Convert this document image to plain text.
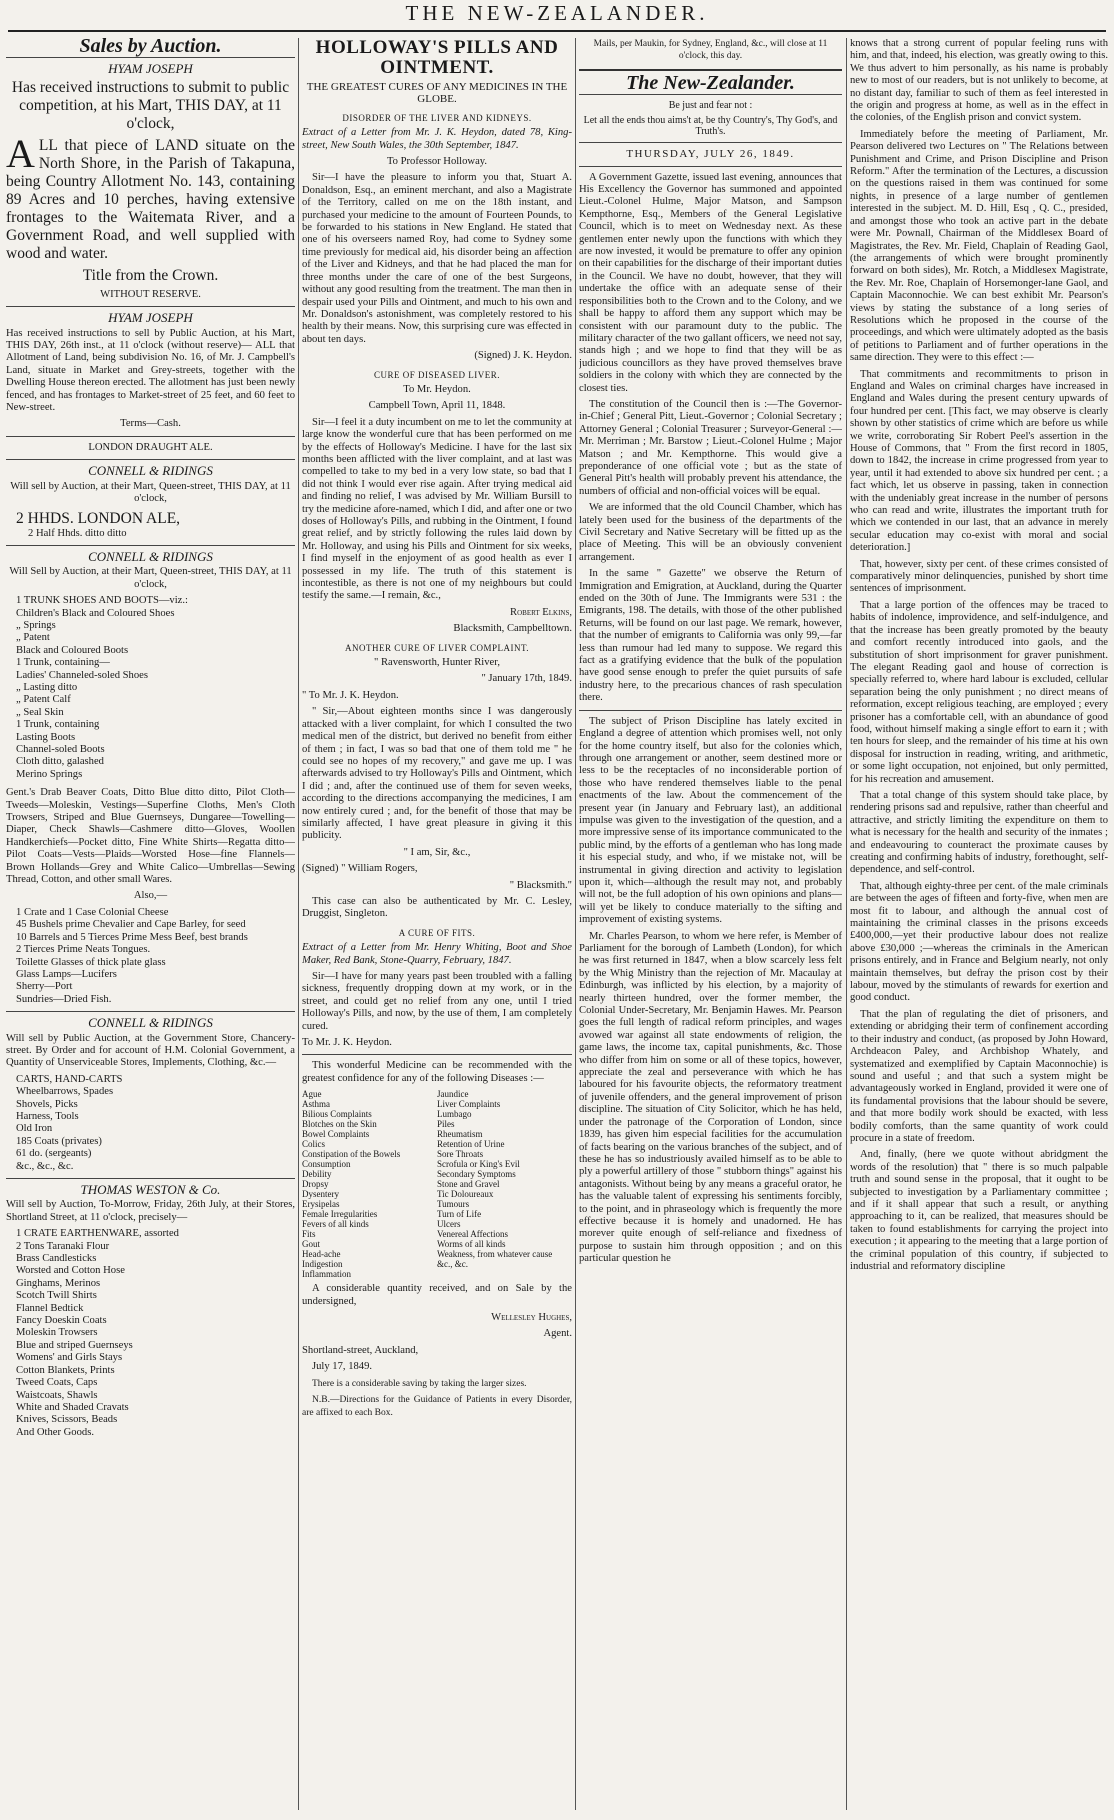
THE NEW-ZEALANDER.
Sales by Auction.
HYAM JOSEPH

Has received instructions to submit to public competition, at his Mart, THIS DAY, at 11 o'clock,

ALL that piece of LAND situate on the North Shore, in the Parish of Takapuna, being Country Allotment No. 143, containing 89 Acres and 10 perches, having extensive frontages to the Waitemata River, and a Government Road, and well supplied with wood and water.

Title from the Crown.

WITHOUT RESERVE.

HYAM JOSEPH

Has received instructions to sell by Public Auction, at his Mart, THIS DAY, 26th inst., at 11 o'clock (without reserve)— ALL that Allotment of Land, being subdivision No. 16, of Mr. J. Campbell's Land, situate in Market and Grey-streets, together with the Dwelling House thereon erected. The allotment has just been newly fenced, and has frontages to Market-street of 25 feet, and 60 feet to New-street.

Terms—Cash.

LONDON DRAUGHT ALE.

CONNELL & RIDINGS

Will sell by Auction, at their Mart, Queen-street, THIS DAY, at 11 o'clock,

2 HHDS. LONDON ALE,
2 Half Hhds. ditto ditto
CONNELL & RIDINGS

Will Sell by Auction, at their Mart, Queen-street, THIS DAY, at 11 o'clock,

1 TRUNK SHOES AND BOOTS—viz.:
Children's Black and Coloured Shoes
„ Springs
„ Patent
Black and Coloured Boots
1 Trunk, containing—
Ladies' Channeled-soled Shoes
„ Lasting ditto
„ Patent Calf
„ Seal Skin
1 Trunk, containing
Lasting Boots
Channel-soled Boots
Cloth ditto, galashed
Merino Springs

Gent.'s Drab Beaver Coats, Ditto Blue ditto ditto, Pilot Cloth—Tweeds—Moleskin, Vestings—Superfine Cloths, Men's Cloth Trowsers, Striped and Blue Guernseys, Dungaree—Towelling—Diaper, Check Shawls—Cashmere ditto—Gloves, Woollen Handkerchiefs—Pocket ditto, Fine White Shirts—Regatta ditto—Pilot Coats—Vests—Plaids—Worsted Hose—fine Flannels—Brown Hollands—Grey and White Calico—Umbrellas—Sewing Thread, Cotton, and other small Wares.

Also,—

1 Crate and 1 Case Colonial Cheese
45 Bushels prime Chevalier and Cape Barley, for seed
10 Barrels and 5 Tierces Prime Mess Beef, best brands
2 Tierces Prime Neats Tongues.
Toilette Glasses of thick plate glass
Glass Lamps—Lucifers
Sherry—Port
Sundries—Dried Fish.
CONNELL & RIDINGS

Will sell by Public Auction, at the Government Store, Chancery-street. By Order and for account of H.M. Colonial Government, a Quantity of Unserviceable Stores, Implements, Clothing, &c.—

CARTS, HAND-CARTS
Wheelbarrows, Spades
Shovels, Picks
Harness, Tools
Old Iron
185 Coats (privates)
61 do. (sergeants)
&c., &c., &c.
THOMAS WESTON & Co.

Will sell by Auction, To-Morrow, Friday, 26th July, at their Stores, Shortland Street, at 11 o'clock, precisely—

1 CRATE EARTHENWARE, assorted
2 Tons Taranaki Flour
Brass Candlesticks
Worsted and Cotton Hose
Ginghams, Merinos
Scotch Twill Shirts
Flannel Bedtick
Fancy Doeskin Coats
Moleskin Trowsers
Blue and striped Guernseys
Womens' and Girls Stays
Cotton Blankets, Prints
Tweed Coats, Caps
Waistcoats, Shawls
White and Shaded Cravats
Knives, Scissors, Beads
And Other Goods.
HOLLOWAY'S PILLS AND OINTMENT.

THE GREATEST CURES OF ANY MEDICINES IN THE GLOBE.

DISORDER OF THE LIVER AND KIDNEYS.

Extract of a Letter from Mr. J. K. Heydon, dated 78, King-street, New South Wales, the 30th September, 1847.

To Professor Holloway.

Sir—I have the pleasure to inform you that, Stuart A. Donaldson, Esq., an eminent merchant, and also a Magistrate of the Territory, called on me on the 18th instant, and purchased your medicine to the amount of Fourteen Pounds, to be forwarded to his stations in New England. He stated that one of his overseers named Roy, had come to Sydney some time previously for medical aid, his disorder being an affection of the Liver and Kidneys, and that he had placed the man for three months under the care of one of the best Surgeons, without any good resulting from the treatment. The man then in despair used your Pills and Ointment, and much to his own and Mr. Donaldson's astonishment, was completely restored to his health by their means. Now, this surprising cure was effected in about ten days.

(Signed) J. K. Heydon.

CURE OF DISEASED LIVER.

To Mr. Heydon.

Campbell Town, April 11, 1848.

Sir—I feel it a duty incumbent on me to let the community at large know the wonderful cure that has been performed on me by the effects of Holloway's Medicine. I have for the last six months been afflicted with the liver complaint, and at last was compelled to take to my bed in a very low state, so bad that I did not think I would ever rise again. After trying medical aid and finding no relief, I was advised by Mr. William Bursill to try the medicine afore-named, which I did, and after one or two doses of Holloway's Pills, and rubbing in the Ointment, I found great relief, and by strictly following the rules laid down by Mr. Holloway, and using his Pills and Ointment for six weeks, I find myself in the enjoyment of as good health as ever I possessed in my life. The truth of this statement is incontestible, as there is not one of my neighbours but could testify the same.—I remain, &c.,

Robert Elkins,

Blacksmith, Campbelltown.

ANOTHER CURE OF LIVER COMPLAINT.

" Ravensworth, Hunter River,

" January 17th, 1849.

" To Mr. J. K. Heydon.

" Sir,—About eighteen months since I was dangerously attacked with a liver complaint, for which I consulted the two medical men of the district, but derived no benefit from either of them ; in fact, I was so bad that one of them told me " he could see no hopes of my recovery," and gave me up. I was afterwards advised to try Holloway's Pills and Ointment, which I did ; and, after the continued use of them for seven weeks, according to the directions accompanying the medicines, I am now entirely cured ; and, for the benefit of those that may be similarly affected, I have great pleasure in giving it this publicity.

" I am, Sir, &c.,

(Signed) " William Rogers,

" Blacksmith."

This case can also be authenticated by Mr. C. Lesley, Druggist, Singleton.

A CURE OF FITS.

Extract of a Letter from Mr. Henry Whiting, Boot and Shoe Maker, Red Bank, Stone-Quarry, February, 1847.

Sir—I have for many years past been troubled with a falling sickness, frequently dropping down at my work, or in the street, and could get no relief from any one, until I tried Holloway's Pills, and now, by the use of them, I am completely cured.

To Mr. J. K. Heydon.

This wonderful Medicine can be recommended with the greatest confidence for any of the following Diseases :—

Ague	Jaundice
Asthma	Liver Complaints
Bilious Complaints	Lumbago
Blotches on the Skin	Piles
Bowel Complaints	Rheumatism
Colics	Retention of Urine
Constipation of the Bowels	Sore Throats
Consumption	Scrofula or King's Evil
Debility	Secondary Symptoms
Dropsy	Stone and Gravel
Dysentery	Tic Doloureaux
Erysipelas	Tumours
Female Irregularities	Turn of Life
Fevers of all kinds	Ulcers
Fits	Venereal Affections
Gout	Worms of all kinds
Head-ache	Weakness, from whatever cause
Indigestion	&c., &c.
Inflammation

A considerable quantity received, and on Sale by the undersigned,

Wellesley Hughes,

Agent.

Shortland-street, Auckland,

July 17, 1849.

There is a considerable saving by taking the larger sizes.

N.B.—Directions for the Guidance of Patients in every Disorder, are affixed to each Box.

Mails, per Maukin, for Sydney, England, &c., will close at 11 o'clock, this day.

The New-Zealander.

Be just and fear not :

Let all the ends thou aims't at, be thy Country's, Thy God's, and Truth's.

THURSDAY, JULY 26, 1849.

A Government Gazette, issued last evening, announces that His Excellency the Governor has summoned and appointed Lieut.-Colonel Hulme, Major Matson, and Sampson Kempthorne, Esq., Members of the General Legislative Council, which is to meet on Wednesday next. As these gentlemen enter newly upon the functions with which they are now invested, it would be premature to offer any opinion on their capabilities for the discharge of their important duties in the Council. We have no doubt, however, that they will undertake the office with an adequate sense of their responsibilities both to the Crown and to the Colony, and we shall be happy to afford them any support which may be consistent with our paramount duty to the public. The military character of the two gallant officers, we need not say, stands high ; and we hope to find that they will be as judicious councillors as they have proved themselves brave soldiers in the colony with which they are connected by the closest ties.

The constitution of the Council then is :—The Governor-in-Chief ; General Pitt, Lieut.-Governor ; Colonial Secretary ; Attorney General ; Colonial Treasurer ; Surveyor-General :—Mr. Merriman ; Mr. Barstow ; Lieut.-Colonel Hulme ; Major Matson ; and Mr. Kempthorne. This would give a preponderance of one official vote ; but as the state of General Pitt's health will probably prevent his attendance, the numbers of official and non-official voices will be equal.

We are informed that the old Council Chamber, which has lately been used for the business of the departments of the Civil Secretary and Native Secretary will be fitted up as the place of Meeting. This will be an obviously convenient arrangement.

In the same " Gazette" we observe the Return of Immigration and Emigration, at Auckland, during the Quarter ended on the 30th of June. The Immigrants were 531 : the Emigrants, 198. The details, with those of the other published Returns, will be found on our last page. We remark, however, that the number of emigrants to California was only 99,—far less than rumour had led many to suppose. We regard this fact as a gratifying evidence that the bulk of the population have good sense enough to prefer the quiet pursuits of safe industry here, to the precarious chances of rash speculation there.

The subject of Prison Discipline has lately excited in England a degree of attention which promises well, not only for the home country itself, but also for the colonies which, through one arrangement or another, seem destined more or less to be the receptacles of no inconsiderable portion of those who have rendered themselves liable to the penal enactments of the law. About the commencement of the present year (in January and February last), an additional impulse was given to the investigation of the question, and a more impressive sense of its importance communicated to the public mind, by the efforts of a gentleman who has long made it his especial study, and who, if we mistake not, will be instrumental in giving direction and activity to legislation upon it, which—although the result may not, and probably will not, be the full adoption of his own opinions and plans—will yet be likely to conduce materially to the sifting and improvement of existing systems.

Mr. Charles Pearson, to whom we here refer, is Member of Parliament for the borough of Lambeth (London), for which he was first returned in 1847, when a blow scarcely less felt by the Whig Ministry than the rejection of Mr. Macaulay at Edinburgh, was inflicted by his election, by a majority of nearly thirteen hundred, over the former member, the Colonial Under-Secretary, Mr. Benjamin Hawes. Mr. Pearson goes the full length of radical reform principles, and wages avowed war against all state endowments of religion, the game laws, the income tax, capital punishments, &c. Those who differ from him on some or all of these topics, however, appreciate the zeal and perseverance with which he has laboured for his favourite objects, the reformatory treatment of juvenile offenders, and the general improvement of prison discipline. The situation of City Solicitor, which he has held, under the patronage of the Corporation of London, since 1839, has given him especial facilities for the accumulation of facts bearing on the various branches of the subject, and of these he has so industriously availed himself as to be able to ply a powerful artillery of those " stubborn things" against his antagonists. Without being by any means a graceful orator, he has the valuable talent of expressing his sentiments forcibly, to the point, and in phraseology which is frequently the more effective because it is homely and unadorned. He has morever quite enough of self-reliance and fixedness of purpose to sustain him through opposition ; and on this particular question he

knows that a strong current of popular feeling runs with him, and that, indeed, his election, was greatly owing to this. We thus advert to him personally, as his name is probably new to most of our readers, but is not unlikely to become, at no distant day, familiar to such of them as feel interested in the origin and progress at home, as well as in the effect in the colonies, of the English prison and convict system.

Immediately before the meeting of Parliament, Mr. Pearson delivered two Lectures on " The Relations between Punishment and Crime, and Prison Discipline and Prison Reform." After the termination of the Lectures, a discussion on the questions raised in them was continued for some nights, in presence of a large number of gentlemen interested in the subject. M. D. Hill, Esq , Q. C., presided, and amongst those who took an active part in the debate were Mr. Pownall, Chairman of the Middlesex Board of Magistrates, the Rev. Mr. Field, Chaplain of Reading Gaol, (the arrangements of which were brought prominently forward on both sides), Mr. Rotch, a Middlesex Magistrate, the Rev. Mr. Roe, Chaplain of Horsemonger-lane Gaol, and Captain Maconnochie. We can best exhibit Mr. Pearson's views by stating the substance of a long series of Resolutions which he proposed in the course of the proceedings, and which were ultimately adopted as the basis of petitions to Parliament and of further operations in the same direction. They were to this effect :—

That commitments and recommitments to prison in England and Wales on criminal charges have increased in England and Wales during the present century upwards of four hundred per cent. [This fact, we may observe is clearly shown by other statistics of crime which are before us while we write, corroborating Sir Robert Peel's assertion in the House of Commons, that " From the first record in 1805, down to 1842, the increase in crime progressed from year to year, until it had extended to above six hundred per cent. ; a fact which, let us observe in passing, taken in connection with the undeniably great increase in the number of persons who can read and write, illustrates the important truth for which we contended in our last, that an advance in merely secular education may co-exist with moral and social deterioration.]

That, however, sixty per cent. of these crimes consisted of comparatively minor delinquencies, punished by short time sentences of imprisonment.

That a large portion of the offences may be traced to habits of indolence, improvidence, and self-indulgence, and that the increase has been greatly promoted by the beauty and comfort recently introduced into gaols, and the substitution of short imprisonment for graver punishment. The elegant Reading gaol and house of correction is specially referred to, where hard labour is excluded, cellular separation being the only punishment ; no direct means of reformation, except religious teaching, are employed ; every prisoner has a comfortable cell, with an abundance of good food, without himself making a single effort to earn it ; with ten hours for sleep, and the remainder of his time at his own disposal for instruction in reading, writing, and arithmetic, or some light occupation, not enjoined, but only permitted, for his recreation and amusement.

That a total change of this system should take place, by rendering prisons sad and repulsive, rather than cheerful and attractive, and strictly limiting the expenditure on them to what is necessary for the health and security of the inmates ; and endeavouring to counteract the proximate causes by creating and confirming habits of industry, forethought, self-dependence, and self-control.

That, although eighty-three per cent. of the male criminals are between the ages of fifteen and forty-five, when men are most fit to labour, and although the annual cost of maintaining the criminal classes in the prisons exceeds £400,000,—yet their productive labour does not realize above £30,000 ;—whereas the criminals in the American prisons entirely, and in France and Belgium nearly, not only maintain themselves, but defray the prison cost by their labour, moved by the stimulants of rewards for exertion and good conduct.

That the plan of regulating the diet of prisoners, and extending or abridging their term of confinement according to their industry and conduct, (as proposed by John Howard, Archdeacon Paley, and Archbishop Whately, and systematized and exemplified by Captain Maconnochie) is sound and useful ; and that such a system might be advantageously worked in England, provided it were one of its fundamental provisions that the labour should be severe, and that more bodily work should be exacted, with less bodily comforts, than the same quantity of work could procure in a state of freedom.

And, finally, (here we quote without abridgment the words of the resolution) that " there is so much palpable truth and sound sense in the proposal, that it ought to be subjected to investigation by a Parliamentary committee ; and if it shall appear that such a result, or anything approaching to it, can be realized, that measures should be taken to found establishments for carrying the project into execution ; it appearing to the meeting that a large portion of the criminal population of this country, if subjected to industrial and reformatory discipline
